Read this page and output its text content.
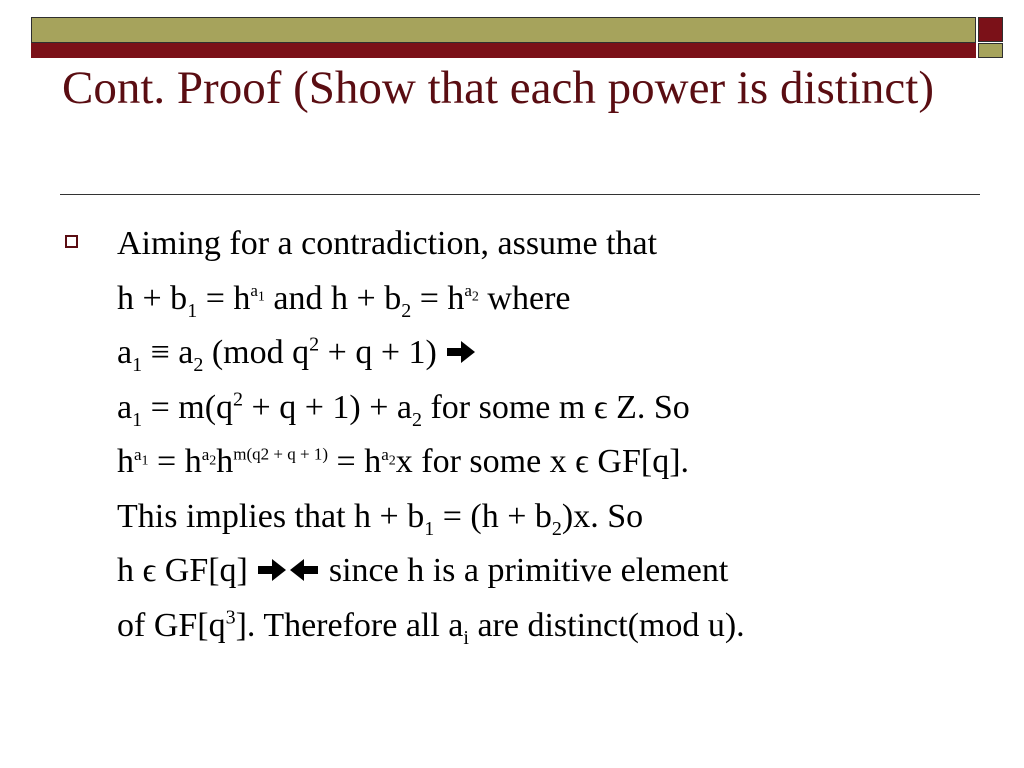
Cont. Proof (Show that each power is distinct)
Aiming for a contradiction, assume that
$h + b_1 = h^{a_1}$ and $h + b_2 = h^{a_2}$ where
$a_1 \equiv a_2$ (mod $q^2 + q + 1$)
$a_1 = m(q^2 + q + 1) + a_2$ for some m ϵ Z. So
$h^{a_1} = h^{a_2}h^{m(q2 + q + 1)} = h^{a_2}x$ for some x ϵ GF[q].
This implies that $h + b_1 = (h + b_2)x$. So
h ϵ GF[q]  since h is a primitive element
of $GF[q^3]$. Therefore all $a_i$ are distinct(mod u).
